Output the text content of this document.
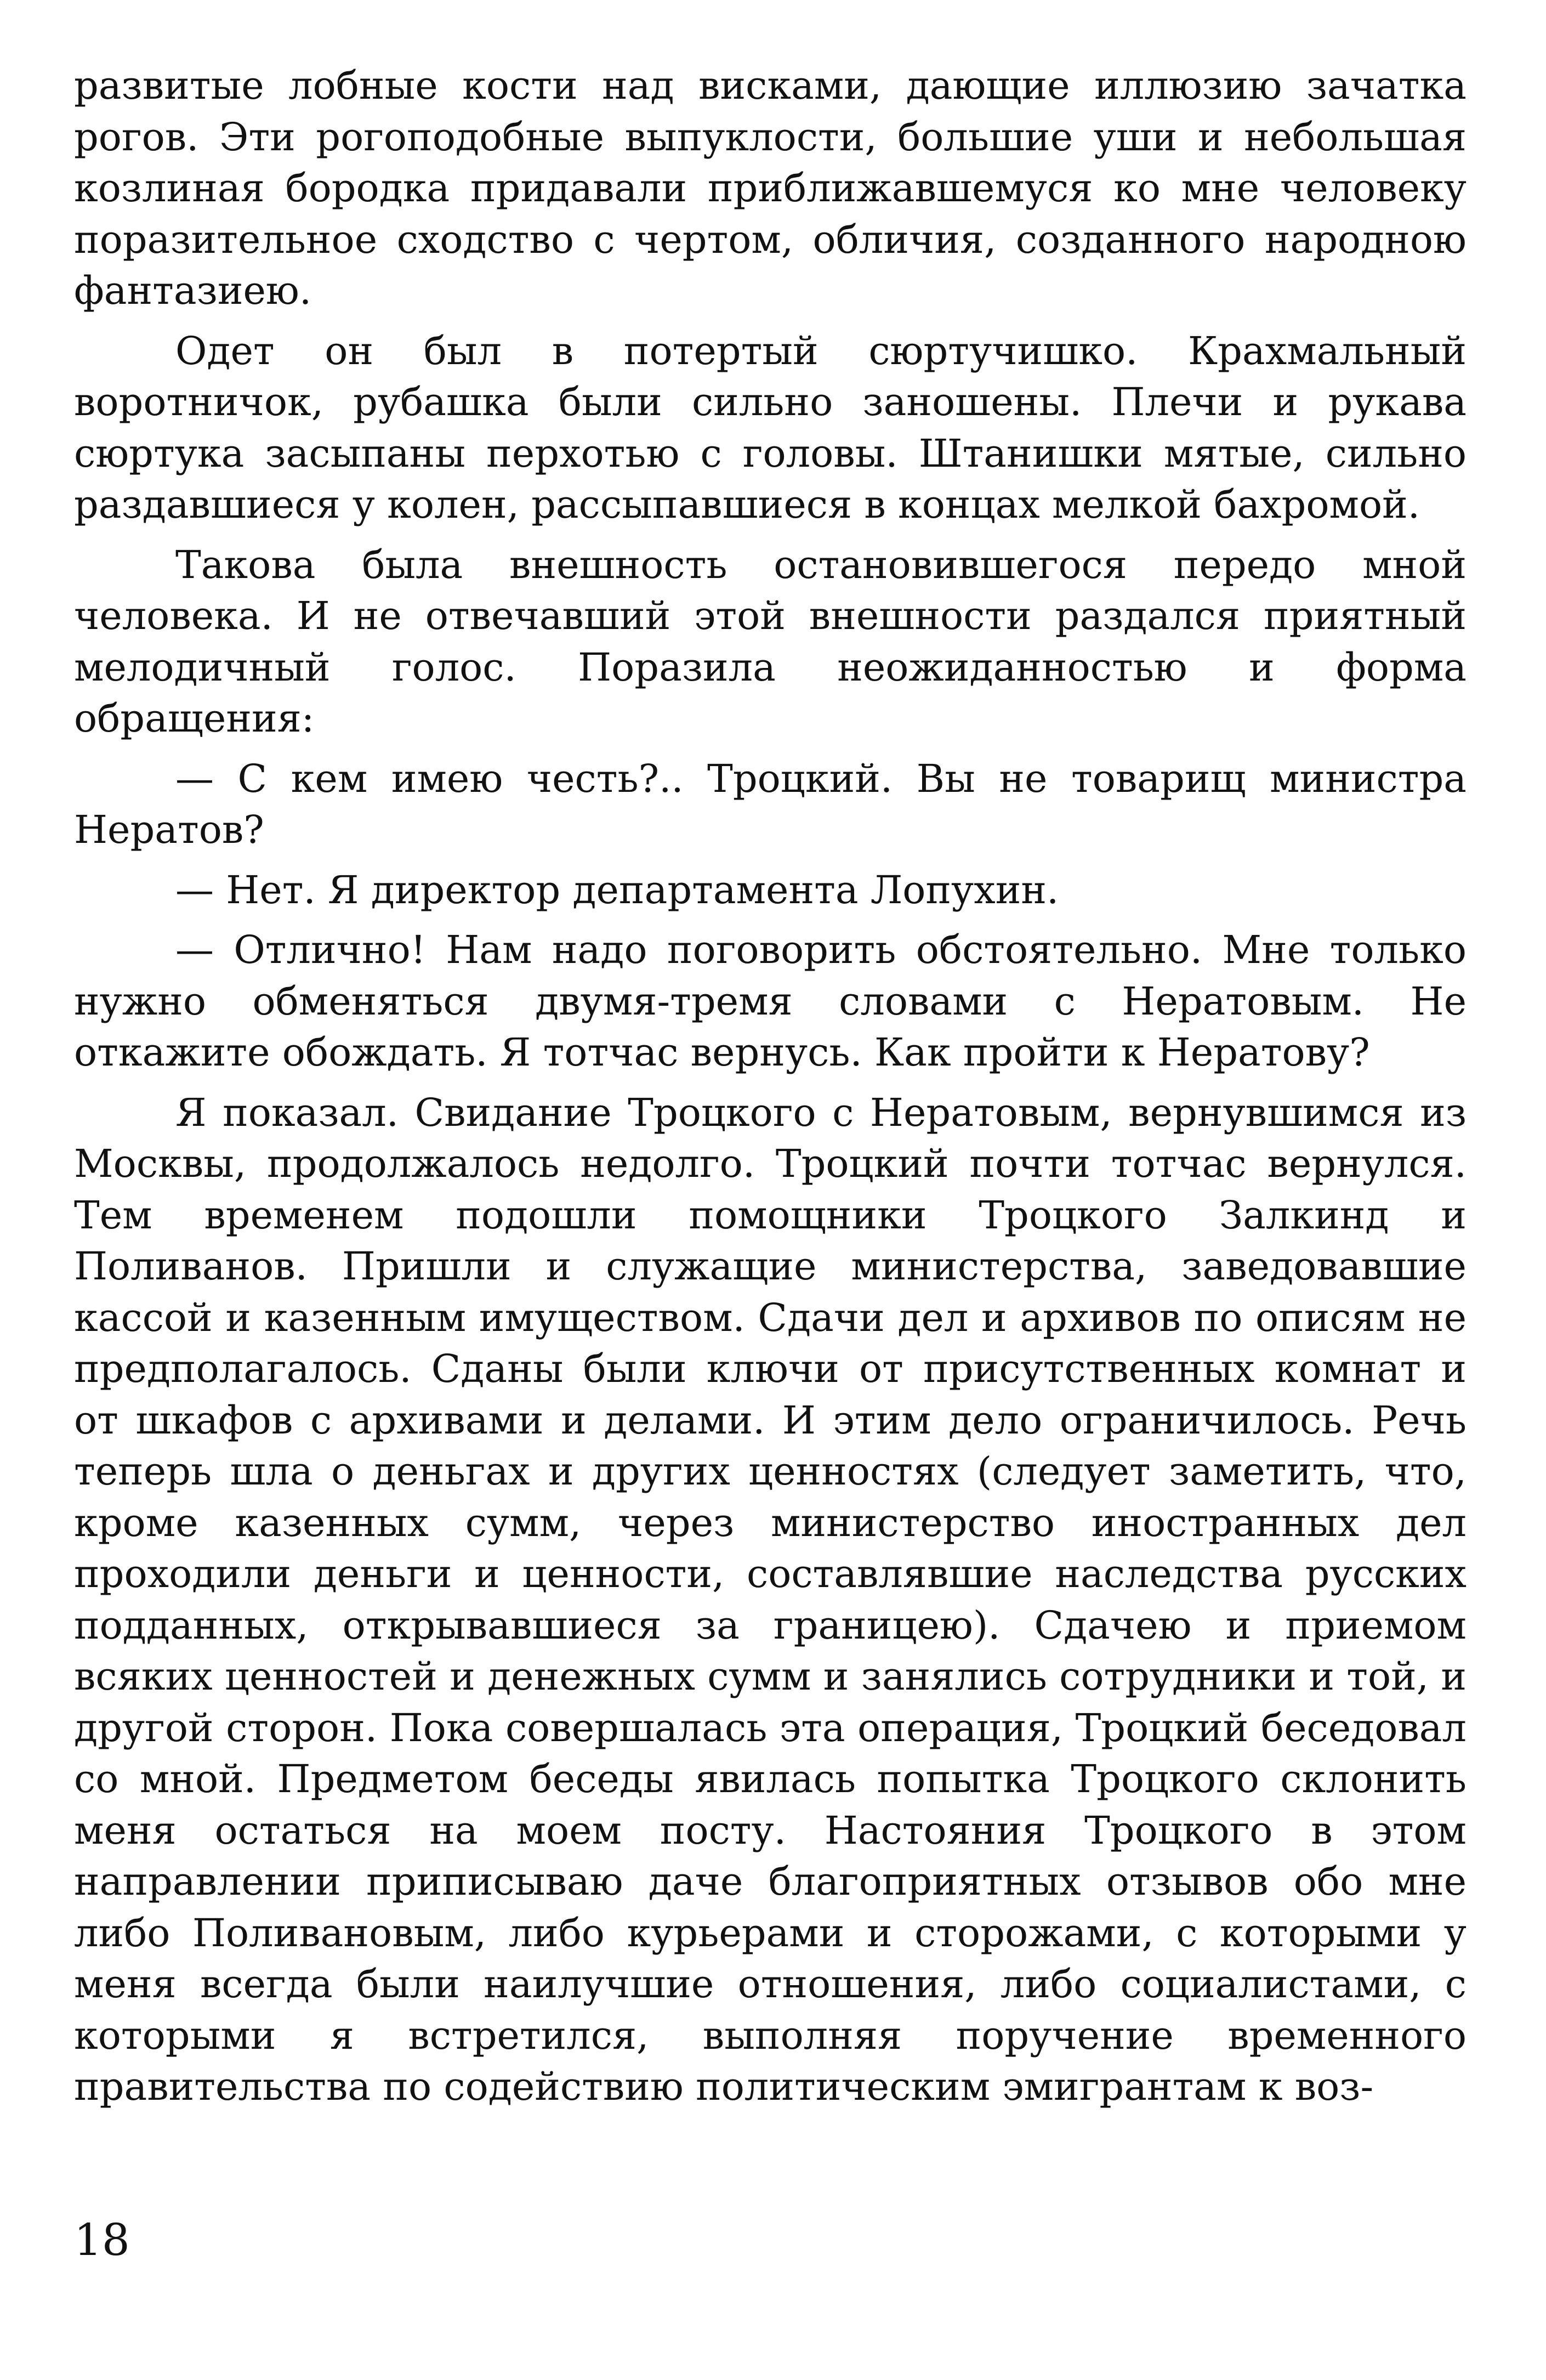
развитые лобные кости над висками, дающие иллюзию зачатка рогов. Эти рогоподобные выпуклости, большие уши и небольшая козлиная бородка придавали приближавшемуся ко мне человеку поразительное сходство с чертом, обличия, созданного народною фантазиею.

Одет он был в потертый сюртучишко. Крахмальный воротничок, рубашка были сильно заношены. Плечи и рукава сюртука засыпаны перхотью с головы. Штанишки мятые, сильно раздавшиеся у колен, рассыпавшиеся в концах мелкой бахромой.

Такова была внешность остановившегося передо мной человека. И не отвечавший этой внешности раздался приятный мелодичный голос. Поразила неожиданностью и форма обращения:

— С кем имею честь?.. Троцкий. Вы не товарищ министра Нератов?

— Нет. Я директор департамента Лопухин.

— Отлично! Нам надо поговорить обстоятельно. Мне только нужно обменяться двумя-тремя словами с Нератовым. Не откажите обождать. Я тотчас вернусь. Как пройти к Нератову?

Я показал. Свидание Троцкого с Нератовым, вернувшимся из Москвы, продолжалось недолго. Троцкий почти тотчас вернулся. Тем временем подошли помощники Троцкого Залкинд и Поливанов. Пришли и служащие министерства, заведовавшие кассой и казенным имуществом. Сдачи дел и архивов по описям не предполагалось. Сданы были ключи от присутственных комнат и от шкафов с архивами и делами. И этим дело ограничилось. Речь теперь шла о деньгах и других ценностях (следует заметить, что, кроме казенных сумм, через министерство иностранных дел проходили деньги и ценности, составлявшие наследства русских подданных, открывавшиеся за границею). Сдачею и приемом всяких ценностей и денежных сумм и занялись сотрудники и той, и другой сторон. Пока совершалась эта операция, Троцкий беседовал со мной. Предметом беседы явилась попытка Троцкого склонить меня остаться на моем посту. Настояния Троцкого в этом направлении приписываю даче благоприятных отзывов обо мне либо Поливановым, либо курьерами и сторожами, с которыми у меня всегда были наилучшие отношения, либо социалистами, с которыми я встретился, выполняя поручение временного правительства по содействию политическим эмигрантам к воз-

18
